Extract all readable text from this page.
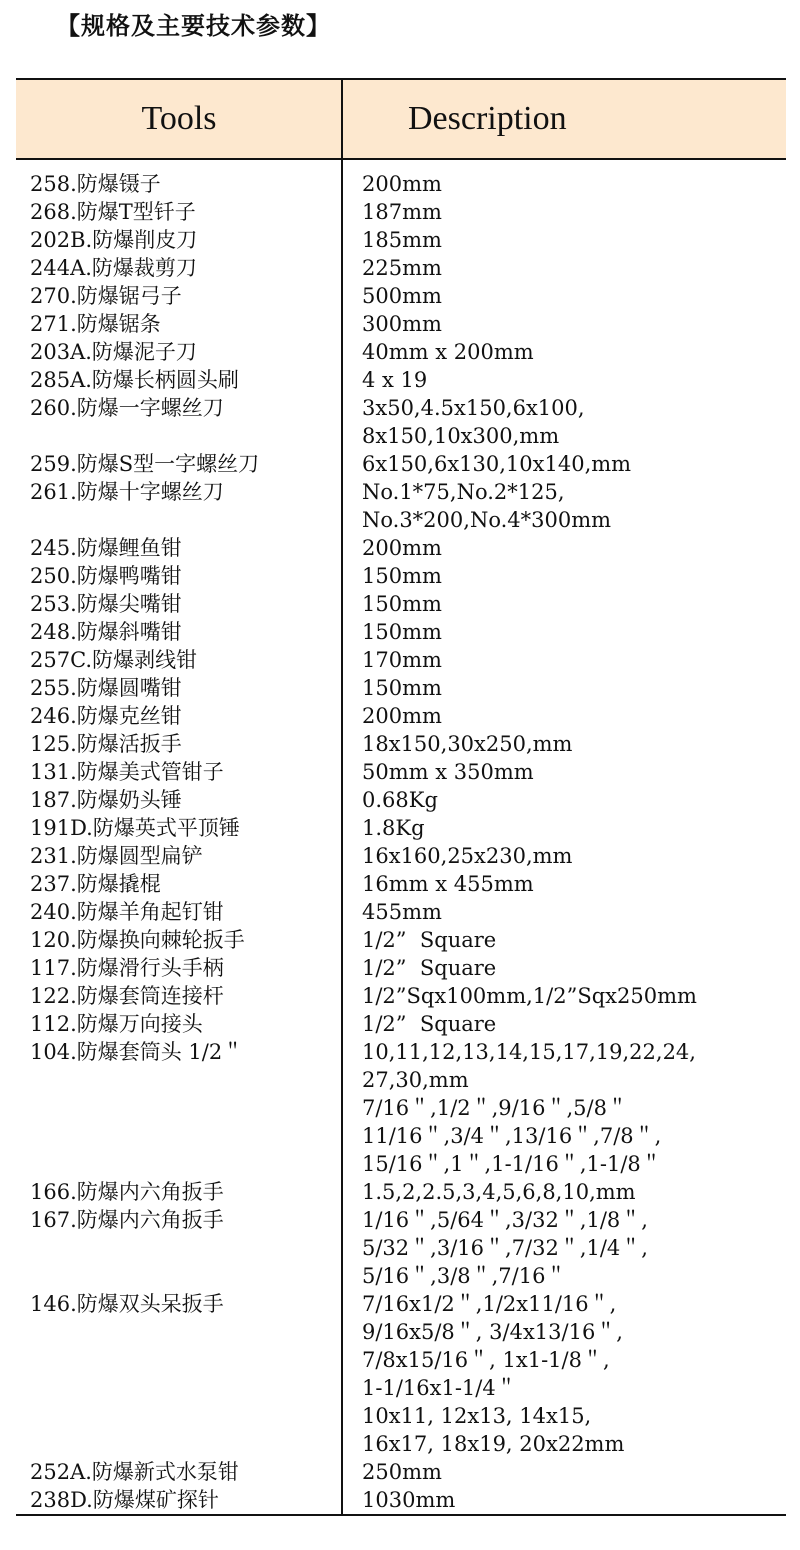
【规格及主要技术参数】
Tools	Description
258.防爆镊子	200mm
268.防爆T型钎子	187mm
202B.防爆削皮刀	185mm
244A.防爆裁剪刀	225mm
270.防爆锯弓子	500mm
271.防爆锯条	300mm
203A.防爆泥子刀	40mm x 200mm
285A.防爆长柄圆头刷	4 x 19
260.防爆一字螺丝刀	3x50,4.5x150,6x100,
8x150,10x300,mm
259.防爆S型一字螺丝刀	6x150,6x130,10x140,mm
261.防爆十字螺丝刀	No.1*75,No.2*125,
No.3*200,No.4*300mm
245.防爆鲤鱼钳	200mm
250.防爆鸭嘴钳	150mm
253.防爆尖嘴钳	150mm
248.防爆斜嘴钳	150mm
257C.防爆剥线钳	170mm
255.防爆圆嘴钳	150mm
246.防爆克丝钳	200mm
125.防爆活扳手	18x150,30x250,mm
131.防爆美式管钳子	50mm x 350mm
187.防爆奶头锤	0.68Kg
191D.防爆英式平顶锤	1.8Kg
231.防爆圆型扁铲	16x160,25x230,mm
237.防爆撬棍	16mm x 455mm
240.防爆羊角起钉钳	455mm
120.防爆换向棘轮扳手	1/2”  Square
117.防爆滑行头手柄	1/2”  Square
122.防爆套筒连接杆	1/2”Sqx100mm,1/2”Sqx250mm
112.防爆万向接头	1/2”  Square
104.防爆套筒头 1/2＂	10,11,12,13,14,15,17,19,22,24,
27,30,mm
7/16＂,1/2＂,9/16＂,5/8＂
11/16＂,3/4＂,13/16＂,7/8＂,
15/16＂,1＂,1-1/16＂,1-1/8＂
166.防爆内六角扳手	1.5,2,2.5,3,4,5,6,8,10,mm
167.防爆内六角扳手	1/16＂,5/64＂,3/32＂,1/8＂,
5/32＂,3/16＂,7/32＂,1/4＂,
5/16＂,3/8＂,7/16＂
146.防爆双头呆扳手	7/16x1/2＂,1/2x11/16＂,
9/16x5/8＂, 3/4x13/16＂,
7/8x15/16＂, 1x1-1/8＂,
1-1/16x1-1/4＂
10x11, 12x13, 14x15,
16x17, 18x19, 20x22mm
252A.防爆新式水泵钳	250mm
238D.防爆煤矿探针	1030mm
